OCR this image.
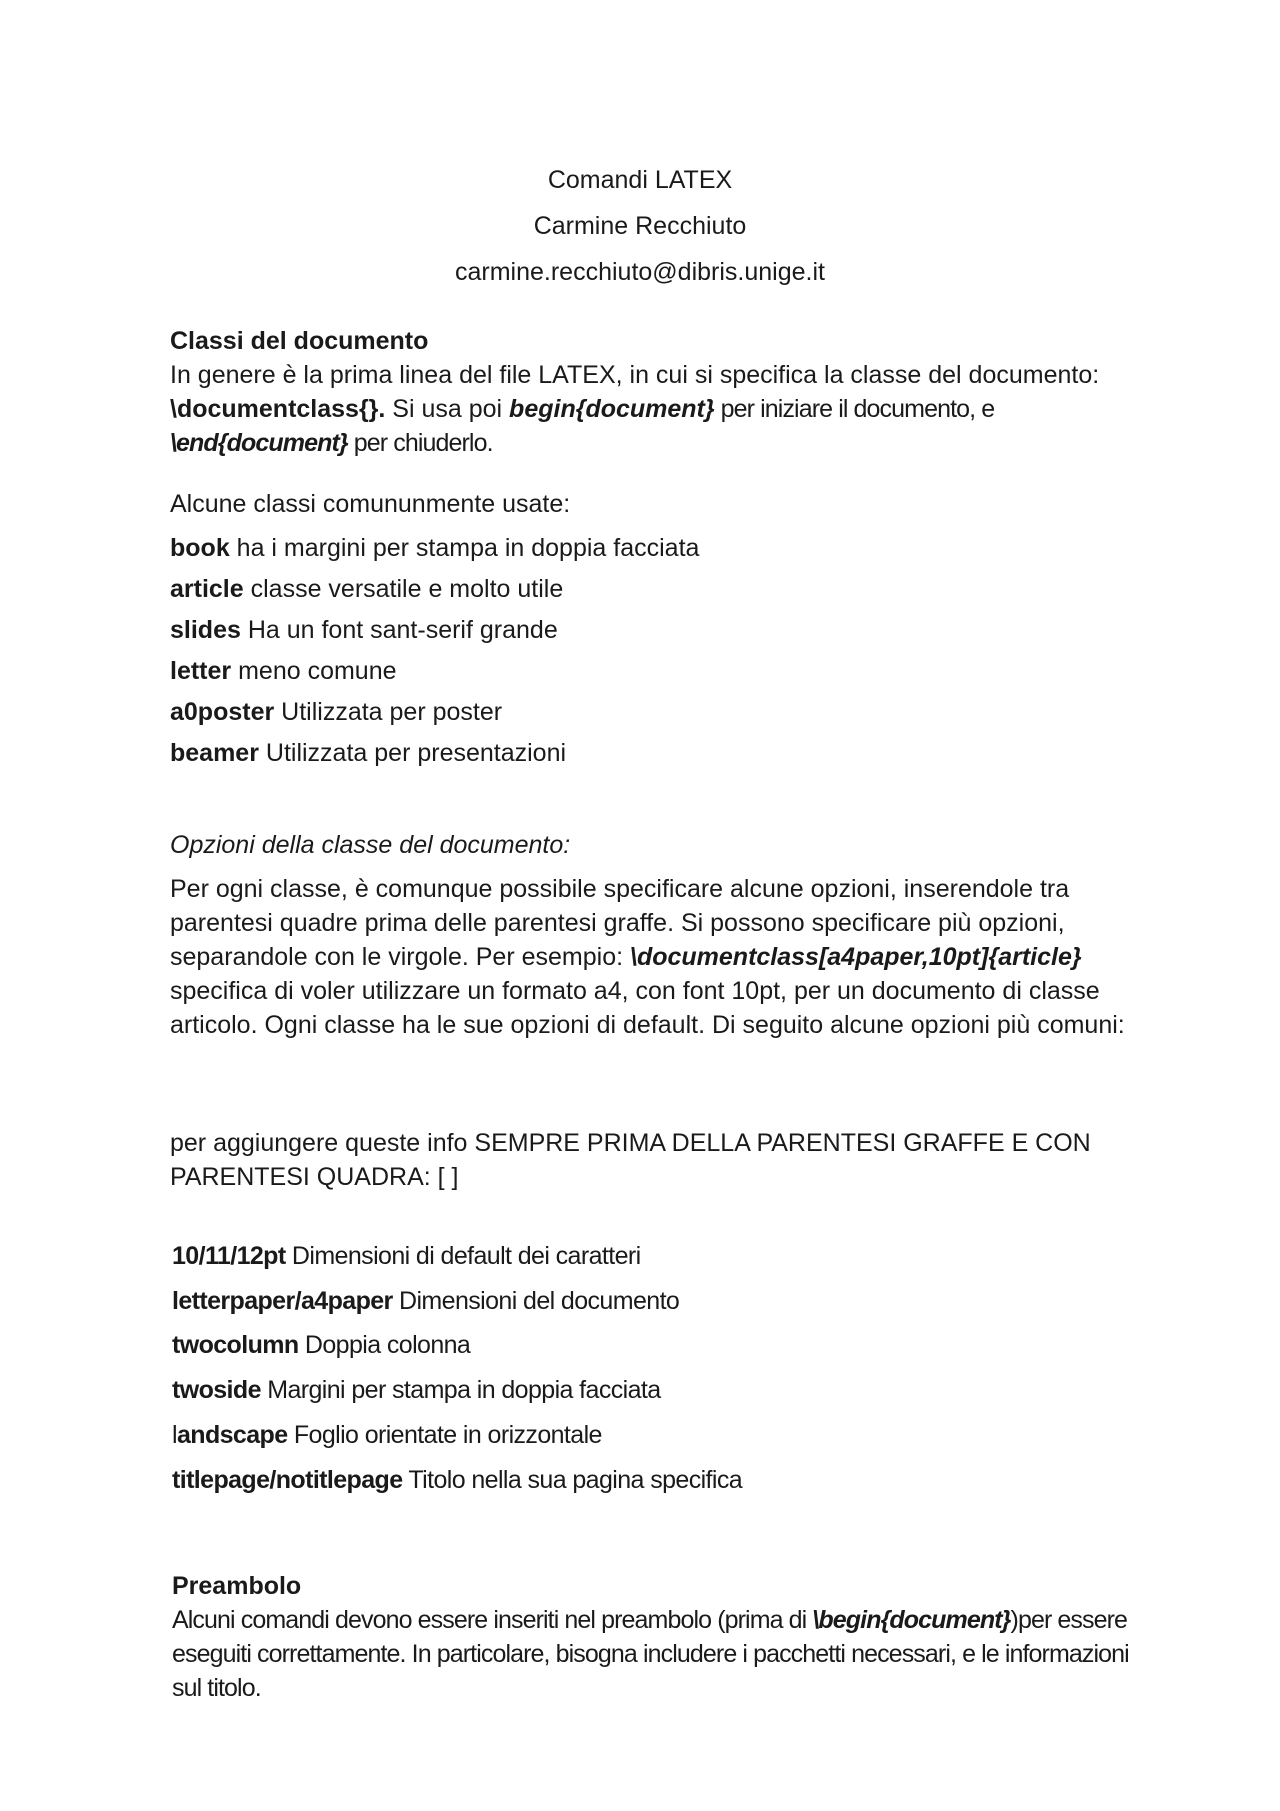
Comandi LATEX
Carmine Recchiuto
carmine.recchiuto@dibris.unige.it
Classi del documento
In genere è la prima linea del file LATEX, in cui si specifica la classe del documento: \documentclass{}. Si usa poi begin{document} per iniziare il documento, e \end{document} per chiuderlo.
Alcune classi comununmente usate:
book ha i margini per stampa in doppia facciata
article classe versatile e molto utile
slides Ha un font sant-serif grande
letter meno comune
a0poster Utilizzata per poster
beamer Utilizzata per presentazioni
Opzioni della classe del documento:
Per ogni classe, è comunque possibile specificare alcune opzioni, inserendole tra parentesi quadre prima delle parentesi graffe. Si possono specificare più opzioni, separandole con le virgole. Per esempio: \documentclass[a4paper,10pt]{article} specifica di voler utilizzare un formato a4, con font 10pt, per un documento di classe articolo. Ogni classe ha le sue opzioni di default. Di seguito alcune opzioni più comuni:
per aggiungere queste info SEMPRE PRIMA DELLA PARENTESI GRAFFE E CON PARENTESI QUADRA: [ ]
10/11/12pt Dimensioni di default dei caratteri
letterpaper/a4paper Dimensioni del documento
twocolumn Doppia colonna
twoside Margini per stampa in doppia facciata
landscape Foglio orientate in orizzontale
titlepage/notitlepage Titolo nella sua pagina specifica
Preambolo
Alcuni comandi devono essere inseriti nel preambolo (prima di \begin{document})per essere eseguiti correttamente. In particolare, bisogna includere i pacchetti necessari, e le informazioni sul titolo.
